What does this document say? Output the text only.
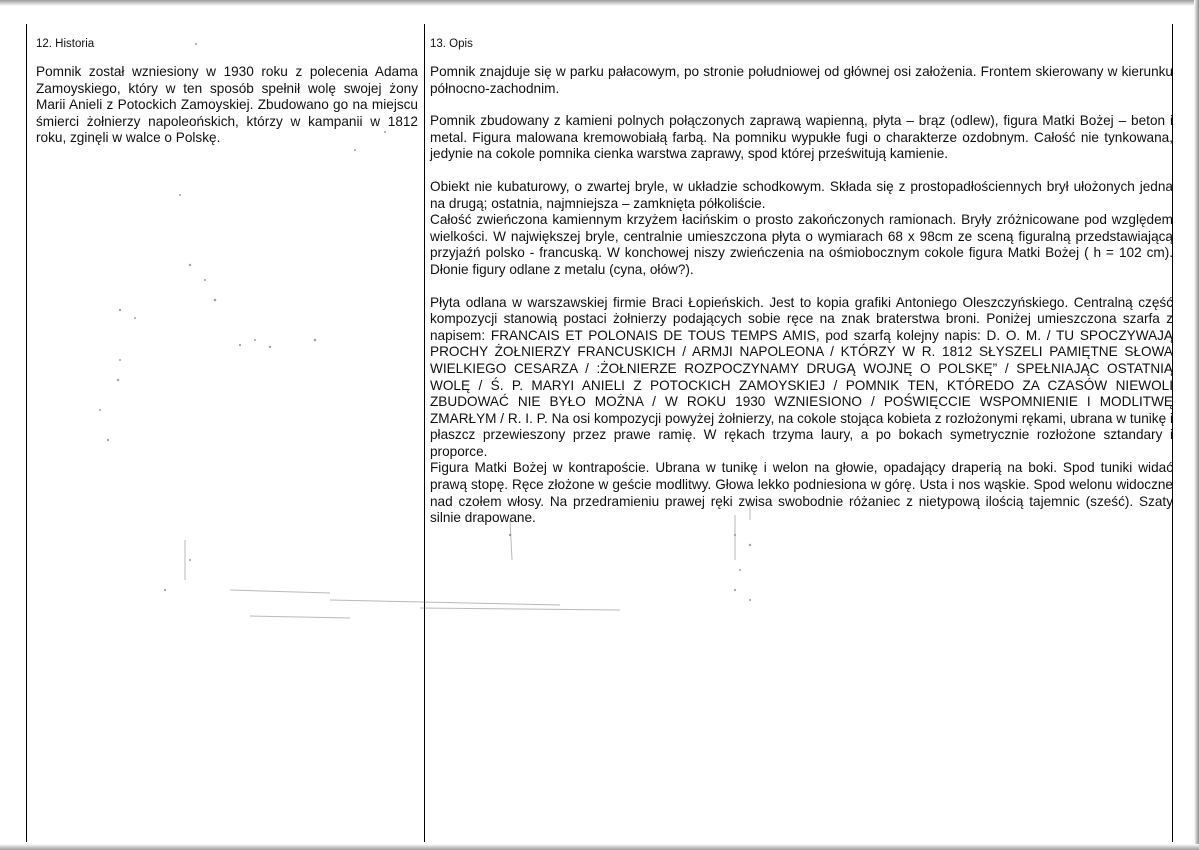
12. Historia

Pomnik został wzniesiony w 1930 roku z polecenia Adama Zamoyskiego, który w ten sposób spełnił wolę swojej żony Marii Anieli z Potockich Zamoyskiej. Zbudowano go na miejscu śmierci żołnierzy napoleońskich, którzy w kampanii w 1812 roku, zginęli w walce o Polskę.

13. Opis

Pomnik znajduje się w parku pałacowym, po stronie południowej od głównej osi założenia. Frontem skierowany w kierunku północno-zachodnim.

Pomnik zbudowany z kamieni polnych połączonych zaprawą wapienną, płyta – brąz (odlew), figura Matki Bożej – beton i metal. Figura malowana kremowobiałą farbą. Na pomniku wypukłe fugi o charakterze ozdobnym. Całość nie tynkowana, jedynie na cokole pomnika cienka warstwa zaprawy, spod której prześwitują kamienie.

Obiekt nie kubaturowy, o zwartej bryle, w układzie schodkowym. Składa się z prostopadłościennych brył ułożonych jedna na drugą; ostatnia, najmniejsza – zamknięta półkoliście.

Całość zwieńczona kamiennym krzyżem łacińskim o prosto zakończonych ramionach. Bryły zróżnicowane pod względem wielkości. W największej bryle, centralnie umieszczona płyta o wymiarach 68 x 98cm ze sceną figuralną przedstawiającą przyjaźń polsko - francuską. W konchowej niszy zwieńczenia na ośmiobocznym cokole figura Matki Bożej ( h = 102 cm). Dłonie figury odlane z metalu (cyna, ołów?).

Płyta odlana w warszawskiej firmie Braci Łopieńskich. Jest to kopia grafiki Antoniego Oleszczyńskiego. Centralną część kompozycji stanowią postaci żołnierzy podających sobie ręce na znak braterstwa broni. Poniżej umieszczona szarfa z napisem: FRANCAIS ET POLONAIS DE TOUS TEMPS AMIS, pod szarfą kolejny napis: D. O. M. / TU SPOCZYWAJĄ PROCHY ŻOŁNIERZY FRANCUSKICH / ARMJI NAPOLEONA / KTÓRZY W R. 1812 SŁYSZELI PAMIĘTNE SŁOWA WIELKIEGO CESARZA / :ŻOŁNIERZE ROZPOCZYNAMY DRUGĄ WOJNĘ O POLSKĘ” / SPEŁNIAJĄC OSTATNIĄ WOLĘ / Ś. P. MARYI ANIELI Z POTOCKICH ZAMOYSKIEJ / POMNIK TEN, KTÓREDO ZA CZASÓW NIEWOLI ZBUDOWAĆ NIE BYŁO MOŻNA / W ROKU 1930 WZNIESIONO / POŚWIĘCCIE WSPOMNIENIE I MODLITWĘ ZMARŁYM / R. I. P. Na osi kompozycji powyżej żołnierzy, na cokole stojąca kobieta z rozłożonymi rękami, ubrana w tunikę i płaszcz przewieszony przez prawe ramię. W rękach trzyma laury, a po bokach symetrycznie rozłożone sztandary i proporce.

Figura Matki Bożej w kontrapoście. Ubrana w tunikę i welon na głowie, opadający draperią na boki. Spod tuniki widać prawą stopę. Ręce złożone w geście modlitwy. Głowa lekko podniesiona w górę. Usta i nos wąskie. Spod welonu widoczne nad czołem włosy. Na przedramieniu prawej ręki zwisa swobodnie różaniec z nietypową ilością tajemnic (sześć). Szaty silnie drapowane.
